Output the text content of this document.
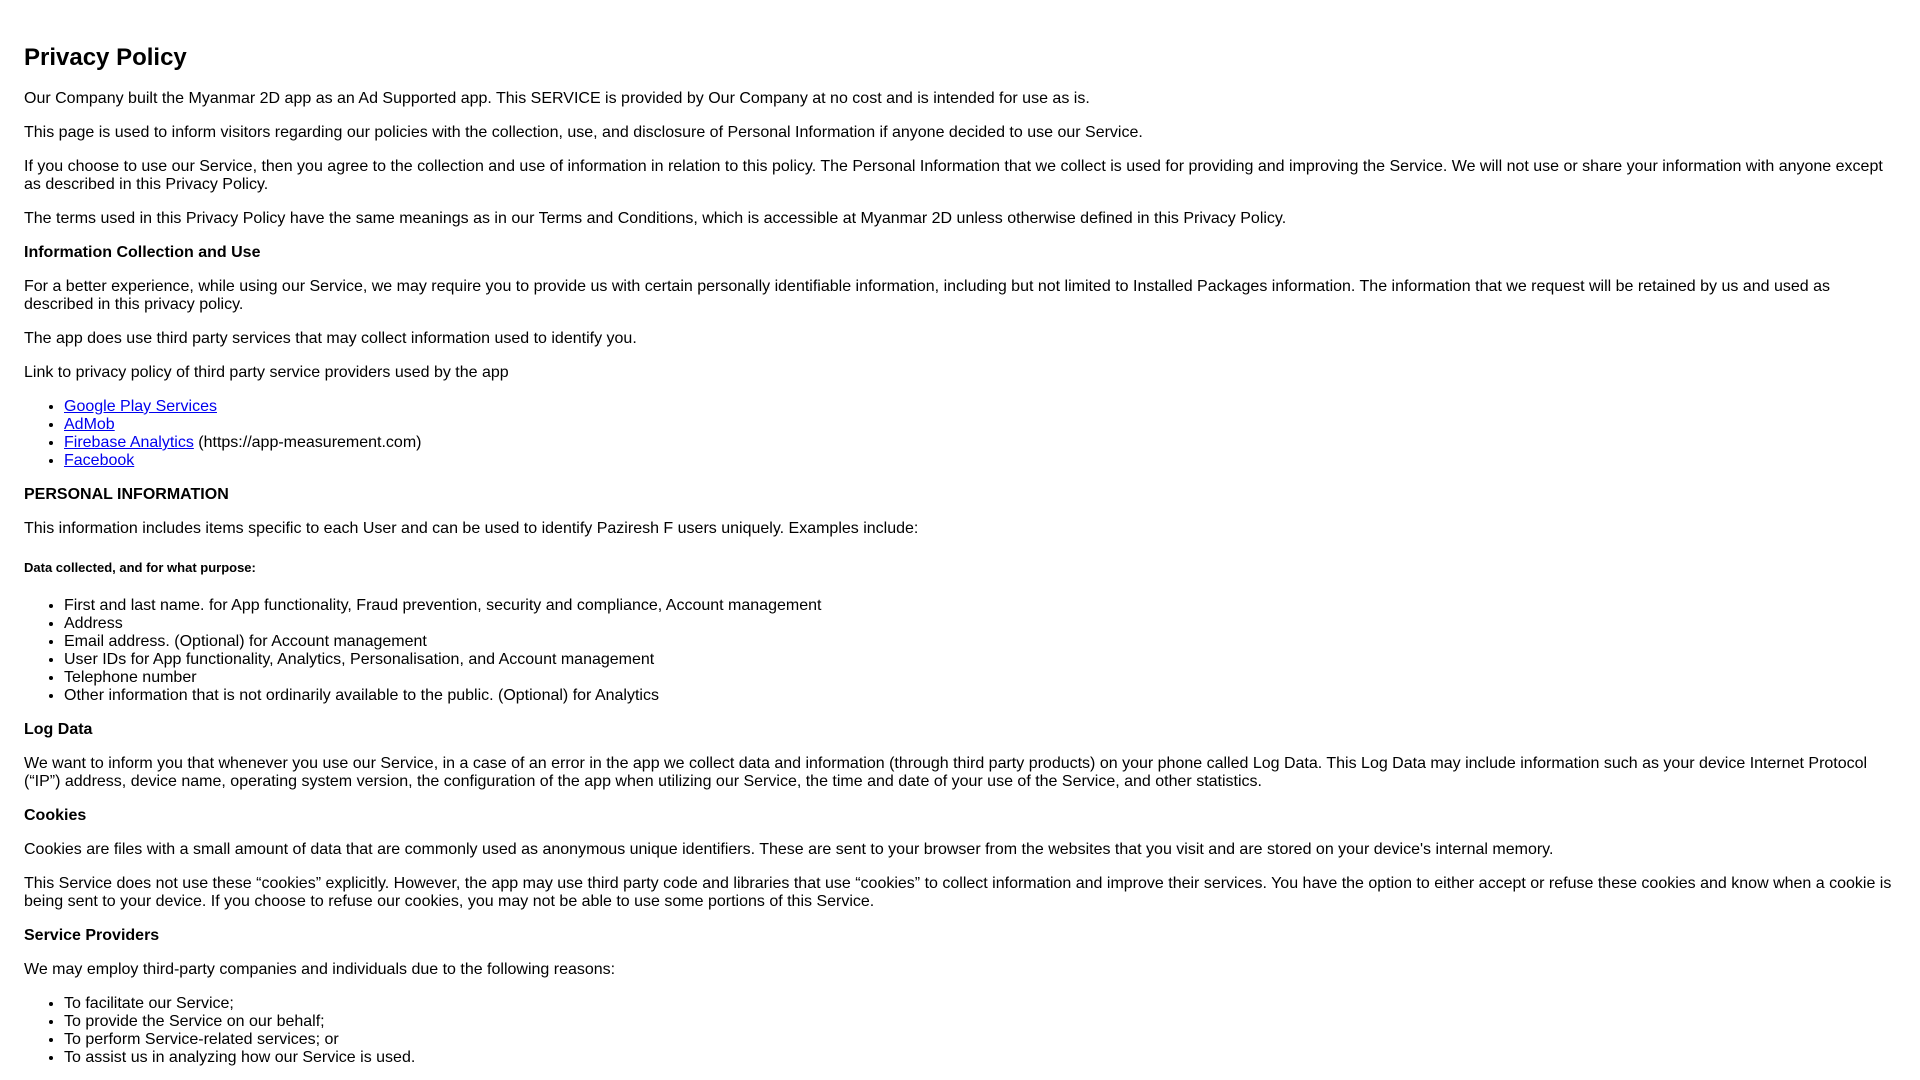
Privacy Policy

Our Company built the Myanmar 2D app as an Ad Supported app. This SERVICE is provided by Our Company at no cost and is intended for use as is.

This page is used to inform visitors regarding our policies with the collection, use, and disclosure of Personal Information if anyone decided to use our Service.

If you choose to use our Service, then you agree to the collection and use of information in relation to this policy. The Personal Information that we collect is used for providing and improving the Service. We will not use or share your information with anyone except as described in this Privacy Policy.

The terms used in this Privacy Policy have the same meanings as in our Terms and Conditions, which is accessible at Myanmar 2D unless otherwise defined in this Privacy Policy.

Information Collection and Use

For a better experience, while using our Service, we may require you to provide us with certain personally identifiable information, including but not limited to Installed Packages information. The information that we request will be retained by us and used as described in this privacy policy.

The app does use third party services that may collect information used to identify you.

Link to privacy policy of third party service providers used by the app

• Google Play Services
• AdMob
• Firebase Analytics (https://app-measurement.com)
• Facebook

PERSONAL INFORMATION

This information includes items specific to each User and can be used to identify Paziresh F users uniquely. Examples include:

Data collected, and for what purpose:
• First and last name. for App functionality, Fraud prevention, security and compliance, Account management
• Address
• Email address. (Optional) for Account management
• User IDs for App functionality, Analytics, Personalisation, and Account management
• Telephone number
• Other information that is not ordinarily available to the public. (Optional) for Analytics

Log Data

We want to inform you that whenever you use our Service, in a case of an error in the app we collect data and information (through third party products) on your phone called Log Data. This Log Data may include information such as your device Internet Protocol (“IP”) address, device name, operating system version, the configuration of the app when utilizing our Service, the time and date of your use of the Service, and other statistics.

Cookies

Cookies are files with a small amount of data that are commonly used as anonymous unique identifiers. These are sent to your browser from the websites that you visit and are stored on your device's internal memory.

This Service does not use these “cookies” explicitly. However, the app may use third party code and libraries that use “cookies” to collect information and improve their services. You have the option to either accept or refuse these cookies and know when a cookie is being sent to your device. If you choose to refuse our cookies, you may not be able to use some portions of this Service.

Service Providers

We may employ third-party companies and individuals due to the following reasons:

• To facilitate our Service;
• To provide the Service on our behalf;
• To perform Service-related services; or
• To assist us in analyzing how our Service is used.
